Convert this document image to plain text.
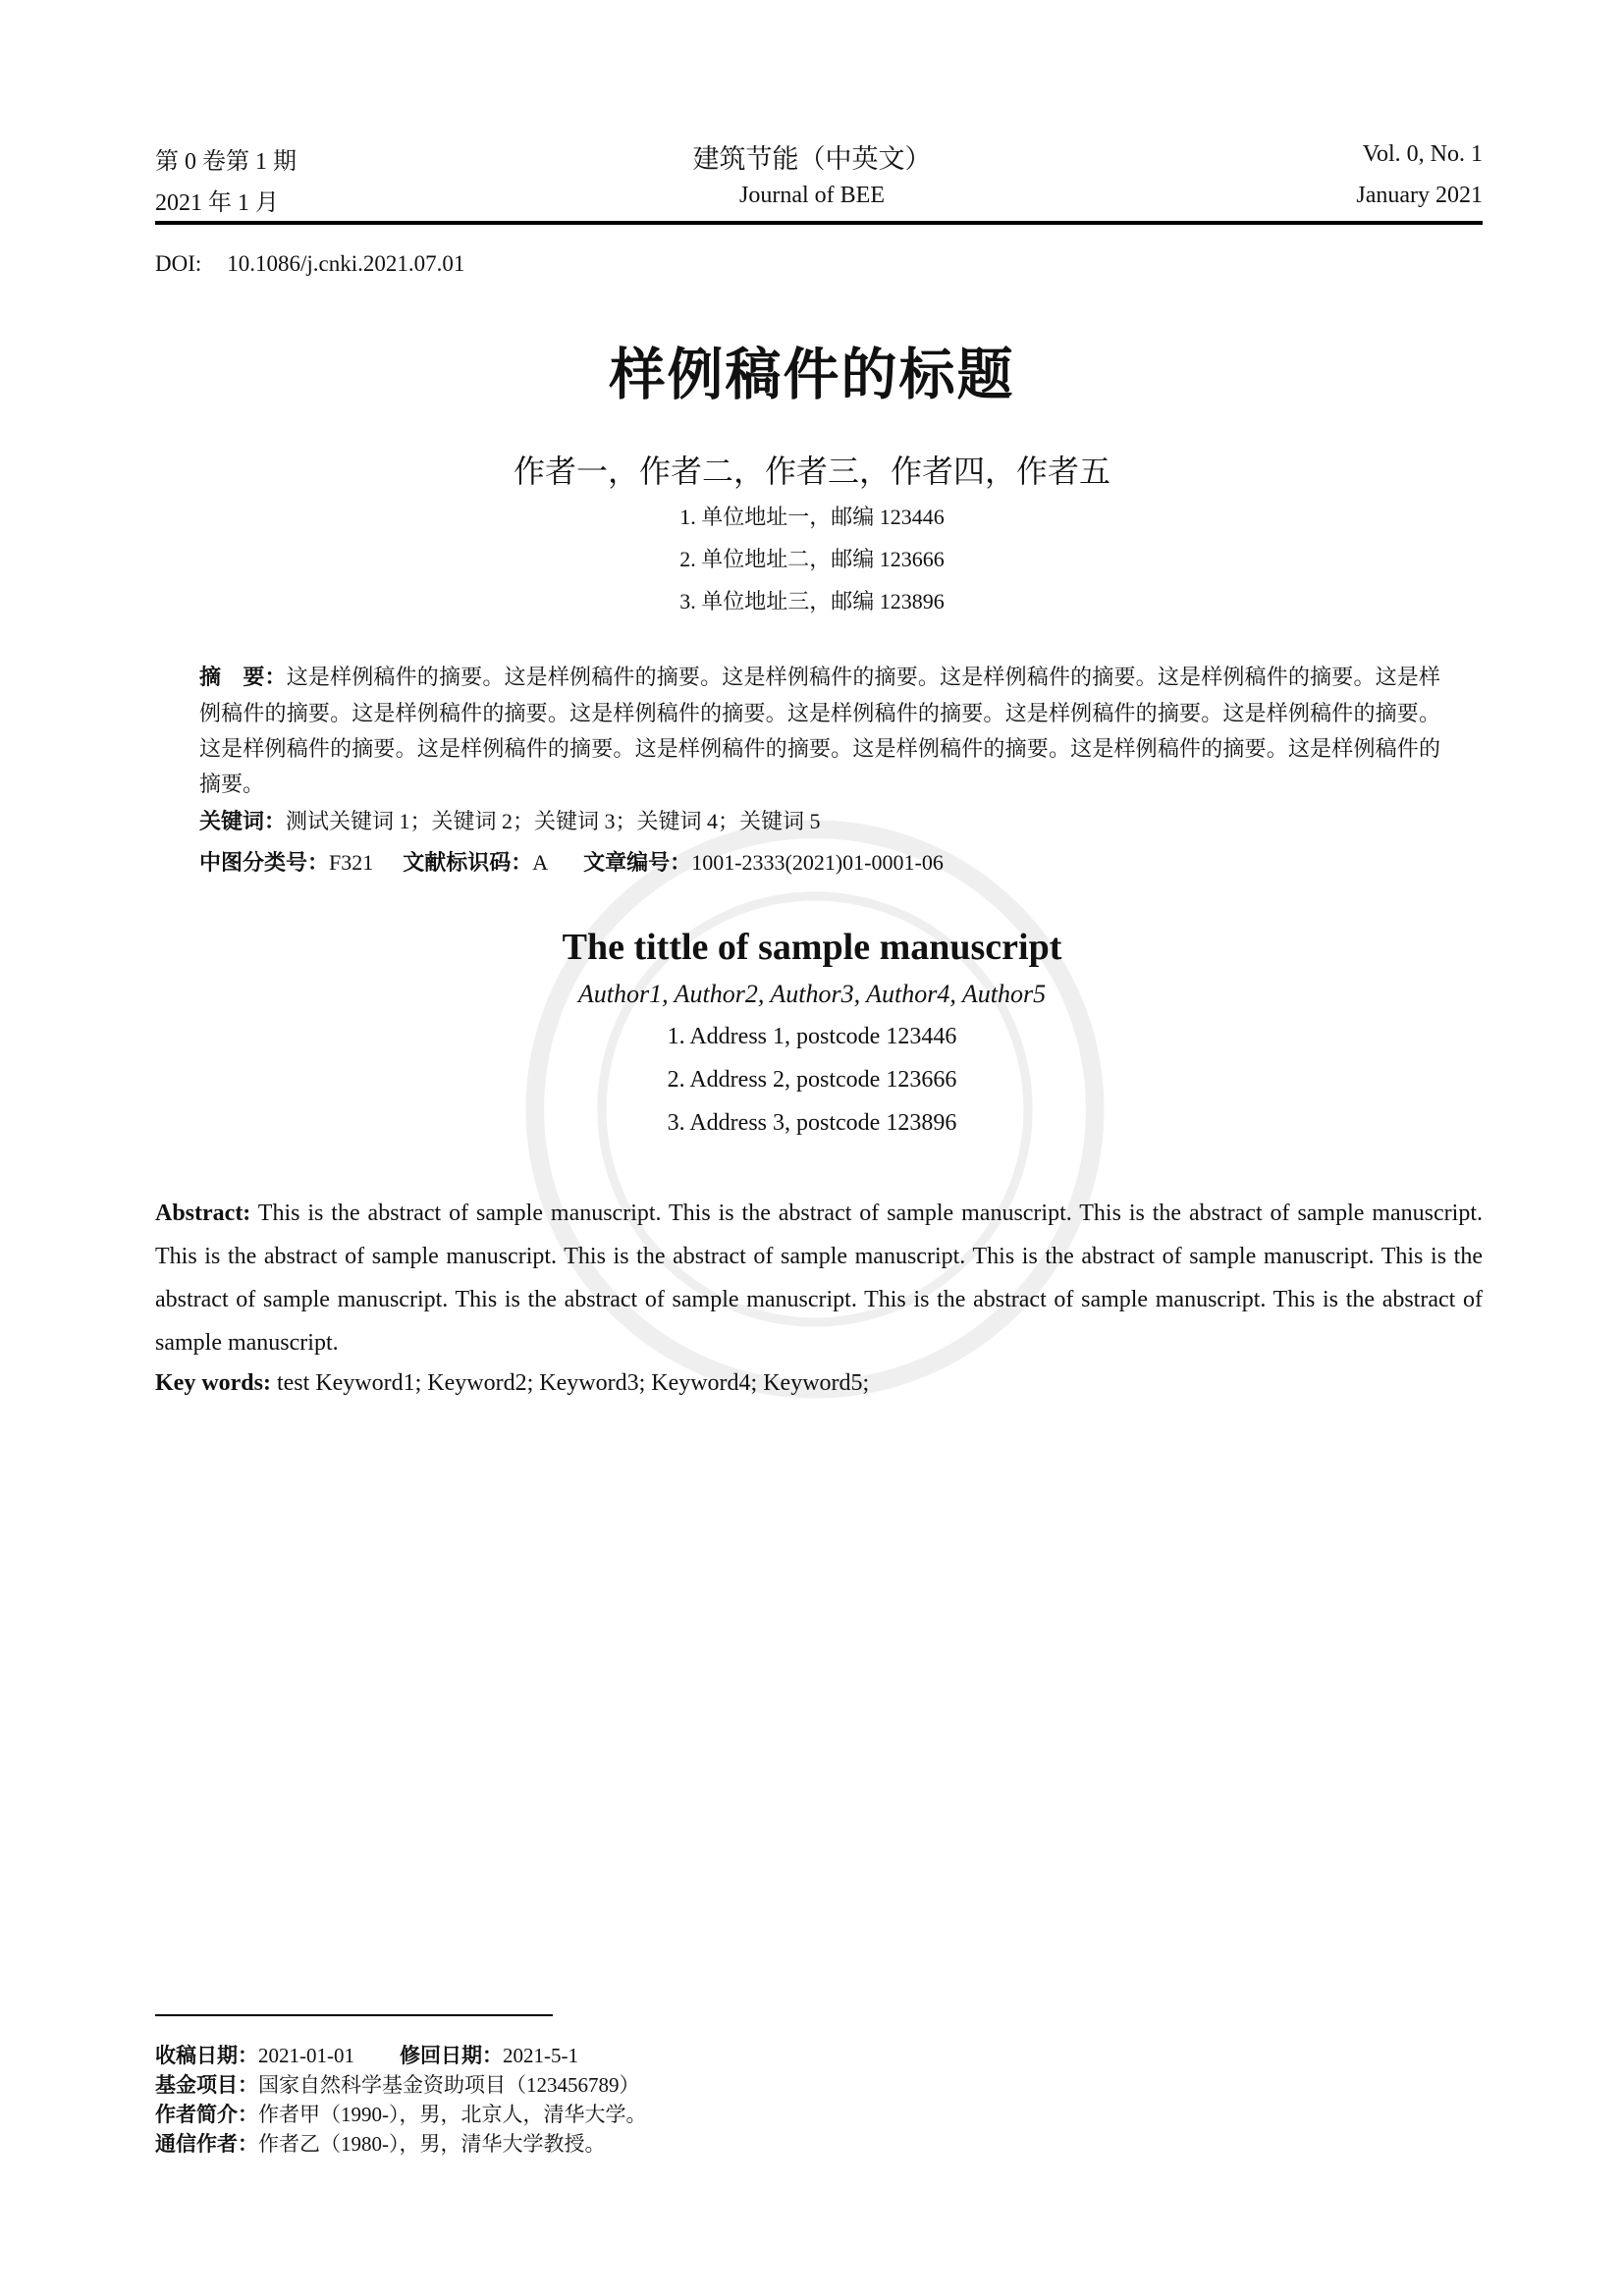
第 0 卷第 1 期
2021 年 1 月
建筑节能（中英文）
Journal of BEE
Vol. 0, No. 1
January 2021
DOI: 10.1086/j.cnki.2021.07.01
样例稿件的标题
作者一，作者二，作者三，作者四，作者五
1. 单位地址一，邮编 123446
2. 单位地址二，邮编 123666
3. 单位地址三，邮编 123896
摘　要：这是样例稿件的摘要。这是样例稿件的摘要。这是样例稿件的摘要。这是样例稿件的摘要。这是样例稿件的摘要。这是样例稿件的摘要。这是样例稿件的摘要。这是样例稿件的摘要。这是样例稿件的摘要。这是样例稿件的摘要。这是样例稿件的摘要。这是样例稿件的摘要。这是样例稿件的摘要。这是样例稿件的摘要。这是样例稿件的摘要。这是样例稿件的摘要。这是样例稿件的摘要。
关键词：测试关键词 1；关键词 2；关键词 3；关键词 4；关键词 5
中图分类号：F321 文献标识码：A 文章编号：1001-2333(2021)01-0001-06
The tittle of sample manuscript
Author1, Author2, Author3, Author4, Author5
1. Address 1, postcode 123446
2. Address 2, postcode 123666
3. Address 3, postcode 123896
Abstract: This is the abstract of sample manuscript. This is the abstract of sample manuscript. This is the abstract of sample manuscript. This is the abstract of sample manuscript. This is the abstract of sample manuscript. This is the abstract of sample manuscript. This is the abstract of sample manuscript. This is the abstract of sample manuscript. This is the abstract of sample manuscript. This is the abstract of sample manuscript.
Key words: test Keyword1; Keyword2; Keyword3; Keyword4; Keyword5;
收稿日期：2021-01-01 修回日期：2021-5-1
基金项目：国家自然科学基金资助项目（123456789）
作者简介：作者甲（1990-），男，北京人，清华大学。
通信作者：作者乙（1980-），男，清华大学教授。
